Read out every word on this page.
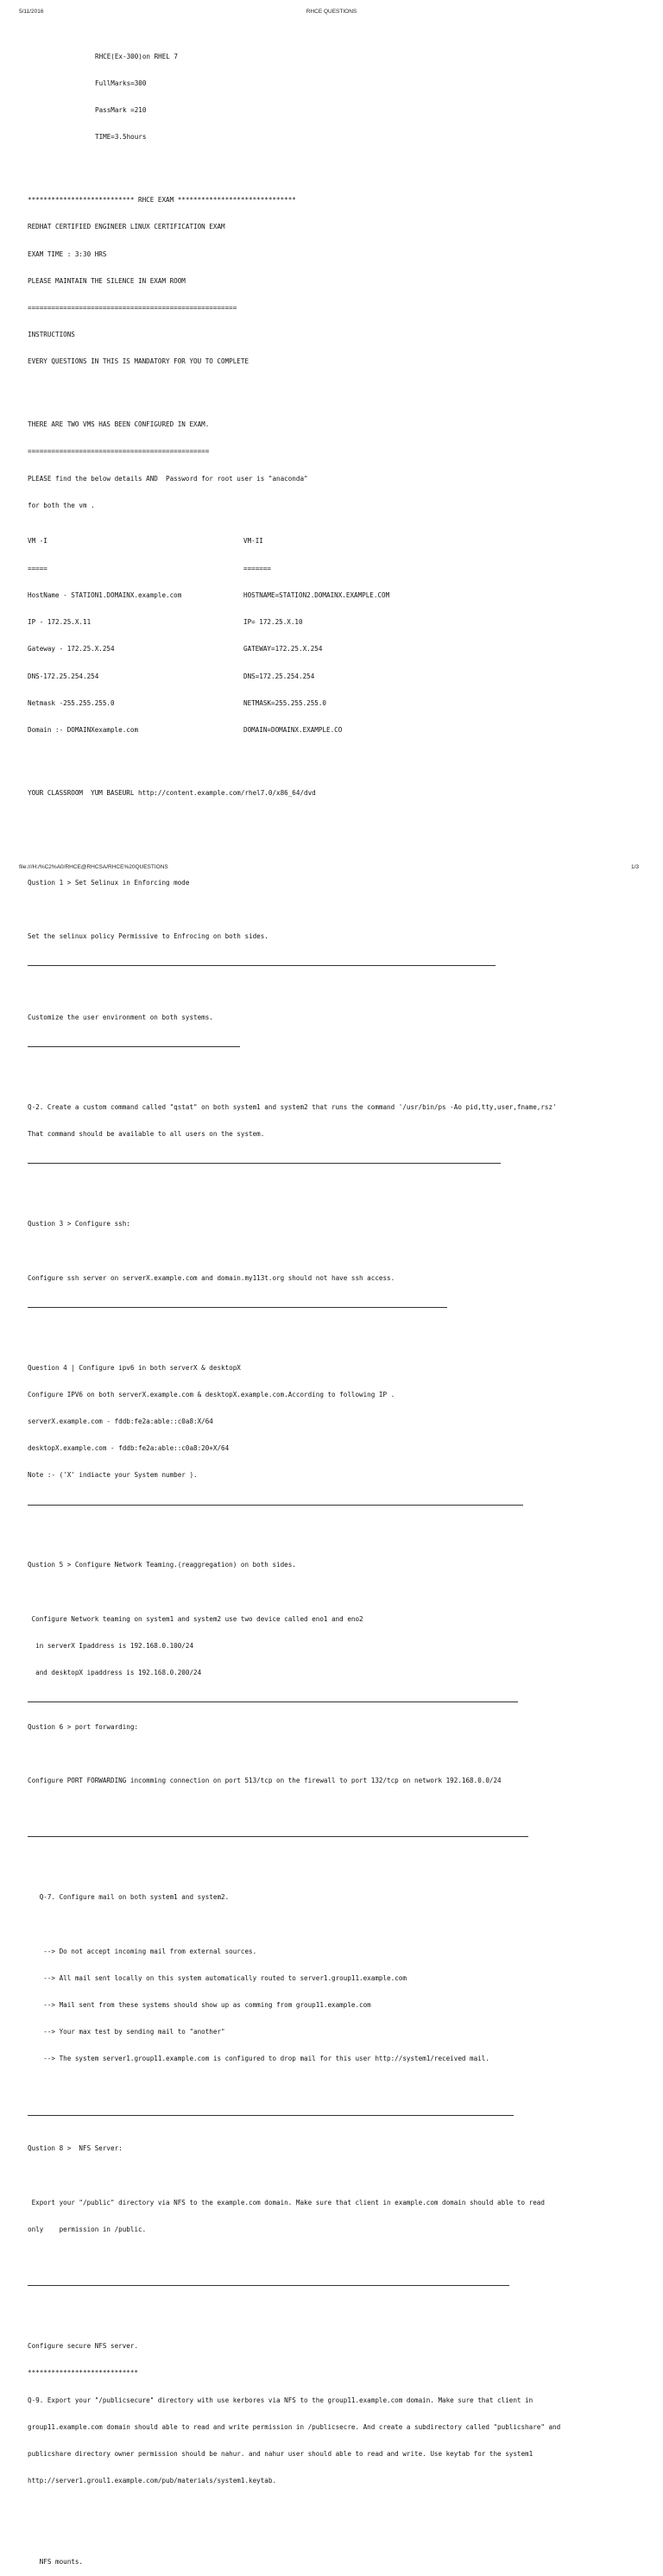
5/11/2016	RHCE QUESTIONS

RHCE(Ex-300)on RHEL 7

FullMarks=300

PassMark =210

TIME=3.5hours

*************************** RHCE EXAM ******************************

REDHAT CERTIFIED ENGINEER LINUX CERTIFICATION EXAM

EXAM TIME : 3:30 HRS

PLEASE MAINTAIN THE SILENCE IN EXAM ROOM

=====================================================

INSTRUCTIONS

EVERY QUESTIONS IN THIS IS MANDATORY FOR YOU TO COMPLETE

THERE ARE TWO VMS HAS BEEN CONFIGURED IN EXAM.

==============================================

PLEASE find the below details AND  Password for root user is "anaconda"

for both the vm .

VM -I	VM-II

=====	=======

HostName - STATION1.DOMAINX.example.com	HOSTNAME=STATION2.DOMAINX.EXAMPLE.COM

IP - 172.25.X.11	IP= 172.25.X.10

Gateway - 172.25.X.254	GATEWAY=172.25.X.254

DNS-172.25.254.254	DNS=172.25.254.254

Netmask -255.255.255.0	NETMASK=255.255.255.0

Domain :- DOMAINXexample.com	DOMAIN=DOMAINX.EXAMPLE.CO

YOUR CLASSROOM  YUM BASEURL http://content.example.com/rhel7.0/x86_64/dvd

Qustion 1 > Set Selinux in Enforcing mode

Set the selinux policy Permissive to Enfrocing on both sides.

Customize the user environment on both systems.

Q-2. Create a custom command called "qstat" on both system1 and system2 that runs the command '/usr/bin/ps -Ao pid,tty,user,fname,rsz'

That command should be available to all users on the system.

Qustion 3 > Configure ssh:

Configure ssh server on serverX.example.com and domain.my113t.org should not have ssh access.

Question 4 | Configure ipv6 in both serverX & desktopX

Configure IPV6 on both serverX.example.com & desktopX.example.com.According to following IP .

serverX.example.com - fddb:fe2a:able::c0a8:X/64

desktopX.example.com - fddb:fe2a:able::c0a8:20+X/64

Note :- ('X' indiacte your System number ).

Qustion 5 > Configure Network Teaming.(reaggregation) on both sides.

Configure Network teaming on system1 and system2 use two device called eno1 and eno2

in serverX Ipaddress is 192.168.0.100/24

and desktopX ipaddress is 192.168.0.200/24

Qustion 6 > port forwarding:

Configure PORT FORWARDING incomming connection on port 513/tcp on the firewall to port 132/tcp on network 192.168.0.0/24

Q-7. Configure mail on both system1 and system2.

--> Do not accept incoming mail from external sources.

--> All mail sent locally on this system automatically routed to server1.group11.example.com

--> Mail sent from these systems should show up as comming from group11.example.com

--> Your max test by sending mail to "another"

--> The system server1.group11.example.com is configured to drop mail for this user http://system1/received mail.

Qustion 8 >  NFS Server:

Export your "/public" directory via NFS to the example.com domain. Make sure that client in example.com domain should able to read

only    permission in /public.

Configure secure NFS server.

****************************

Q-9. Export your "/publicsecure" directory with use kerbores via NFS to the group11.example.com domain. Make sure that client in

group11.example.com domain should able to read and write permission in /publicsecre. And create a subdirectory called "publicshare" and

publicshare directory owner permission should be nahur. and nahur user should able to read and write. Use keytab for the system1

http://server1.groul1.example.com/pub/materials/system1.keytab.

NFS mounts.

file:///H:/%C2%A0/RHCE@RHCSA/RHCE%20QUESTIONS	1/3
